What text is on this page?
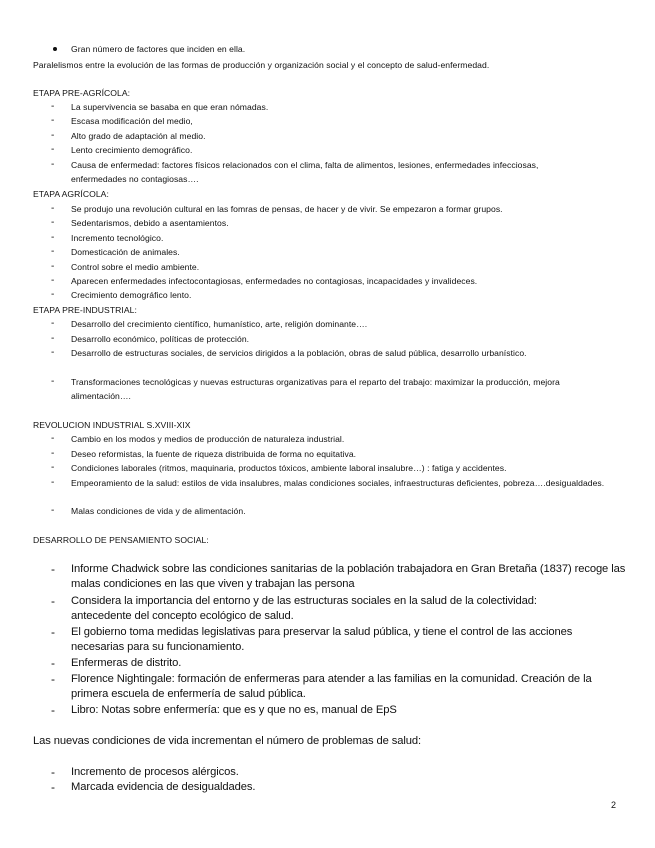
Gran número de factores que inciden en ella.
Paralelismos entre la evolución de las formas de producción y organización social y el concepto de salud-enfermedad.
ETAPA PRE-AGRÍCOLA:
-	La supervivencia se basaba en que eran nómadas.
-	Escasa modificación del medio,
-	Alto grado de adaptación al medio.
-	Lento crecimiento demográfico.
-	Causa de enfermedad: factores físicos relacionados con el clima, falta de alimentos, lesiones, enfermedades infecciosas, enfermedades no contagiosas….
ETAPA AGRÍCOLA:
-	Se produjo una revolución cultural en las fomras de pensas, de hacer y de vivir. Se empezaron a formar grupos.
-	Sedentarismos, debido a asentamientos.
-	Incremento tecnológico.
-	Domesticación de animales.
-	Control sobre el medio ambiente.
-	Aparecen enfermedades infectocontagiosas, enfermedades no contagiosas, incapacidades y invalideces.
-	Crecimiento demográfico lento.
ETAPA PRE-INDUSTRIAL:
-	Desarrollo del crecimiento científico, humanístico, arte, religión dominante….
-	Desarrollo económico, políticas de protección.
-	Desarrollo de estructuras sociales, de servicios dirigidos a la población, obras de salud pública, desarrollo urbanístico.
-	Transformaciones tecnológicas y nuevas estructuras organizativas para el reparto del trabajo: maximizar la producción, mejora alimentación….
REVOLUCION INDUSTRIAL S.XVIII-XIX
-	Cambio en los modos y medios de producción de naturaleza industrial.
-	Deseo reformistas, la fuente de riqueza distribuida de forma no equitativa.
-	Condiciones laborales (ritmos, maquinaria, productos tóxicos, ambiente laboral insalubre…) : fatiga y accidentes.
-	Empeoramiento de la salud: estilos de vida insalubres, malas condiciones sociales, infraestructuras deficientes, pobreza….desigualdades.
-	Malas condiciones de vida y de alimentación.
DESARROLLO DE PENSAMIENTO SOCIAL:
-	Informe Chadwick sobre las condiciones sanitarias de la población trabajadora en Gran Bretaña (1837) recoge las malas condiciones en las que viven y trabajan las persona
-	Considera la importancia del entorno y de las estructuras sociales en la salud de la colectividad: antecedente del concepto ecológico de salud.
-	El gobierno toma medidas legislativas para preservar la salud pública, y tiene el control de las acciones necesarias para su funcionamiento.
-	Enfermeras de distrito.
-	Florence Nightingale: formación de enfermeras para atender a las familias en la comunidad. Creación de la primera escuela de enfermería de salud pública.
-	Libro: Notas sobre enfermería: que es y que no es, manual de EpS
Las nuevas condiciones de vida incrementan el número de problemas de salud:
-	Incremento de procesos alérgicos.
-	Marcada evidencia de desigualdades.
2
